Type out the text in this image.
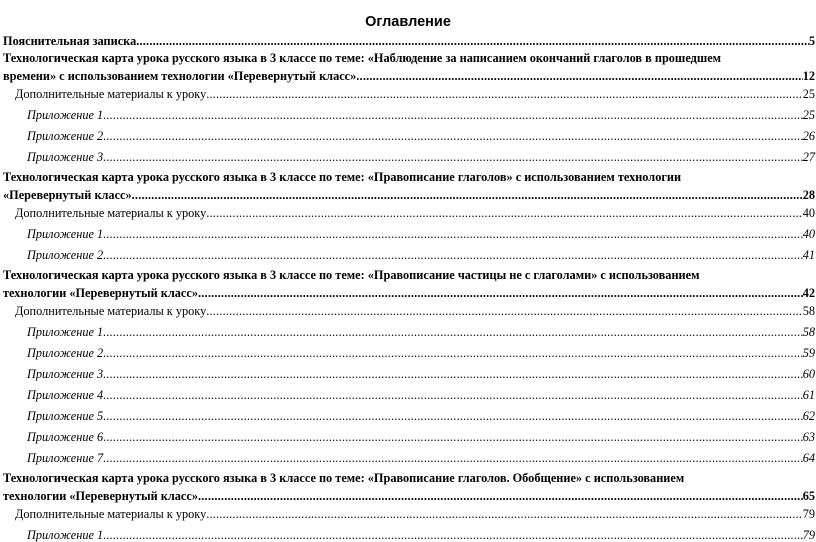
Оглавление
Пояснительная записка .....	5
Технологическая карта урока русского языка в 3 классе по теме: «Наблюдение за написанием окончаний глаголов в прошедшем
времени» с использованием технологии «Перевернутый класс» .....	12
Дополнительные материалы к уроку .....	25
Приложение 1 .....	25
Приложение 2 .....	26
Приложение 3 .....	27
Технологическая карта урока русского языка в 3 классе по теме: «Правописание глаголов» с использованием технологии
«Перевернутый класс» .....	28
Дополнительные материалы к уроку .....	40
Приложение 1 .....	40
Приложение 2 .....	41
Технологическая карта урока русского языка в 3 классе по теме: «Правописание частицы не с глаголами» с использованием
технологии «Перевернутый класс» .....	42
Дополнительные материалы к уроку .....	58
Приложение 1 .....	58
Приложение 2 .....	59
Приложение 3 .....	60
Приложение 4 .....	61
Приложение 5 .....	62
Приложение 6 .....	63
Приложение 7 .....	64
Технологическая карта урока русского языка в 3 классе по теме: «Правописание глаголов. Обобщение» с использованием
технологии «Перевернутый класс» .....	65
Дополнительные материалы к уроку .....	79
Приложение 1 .....	79
